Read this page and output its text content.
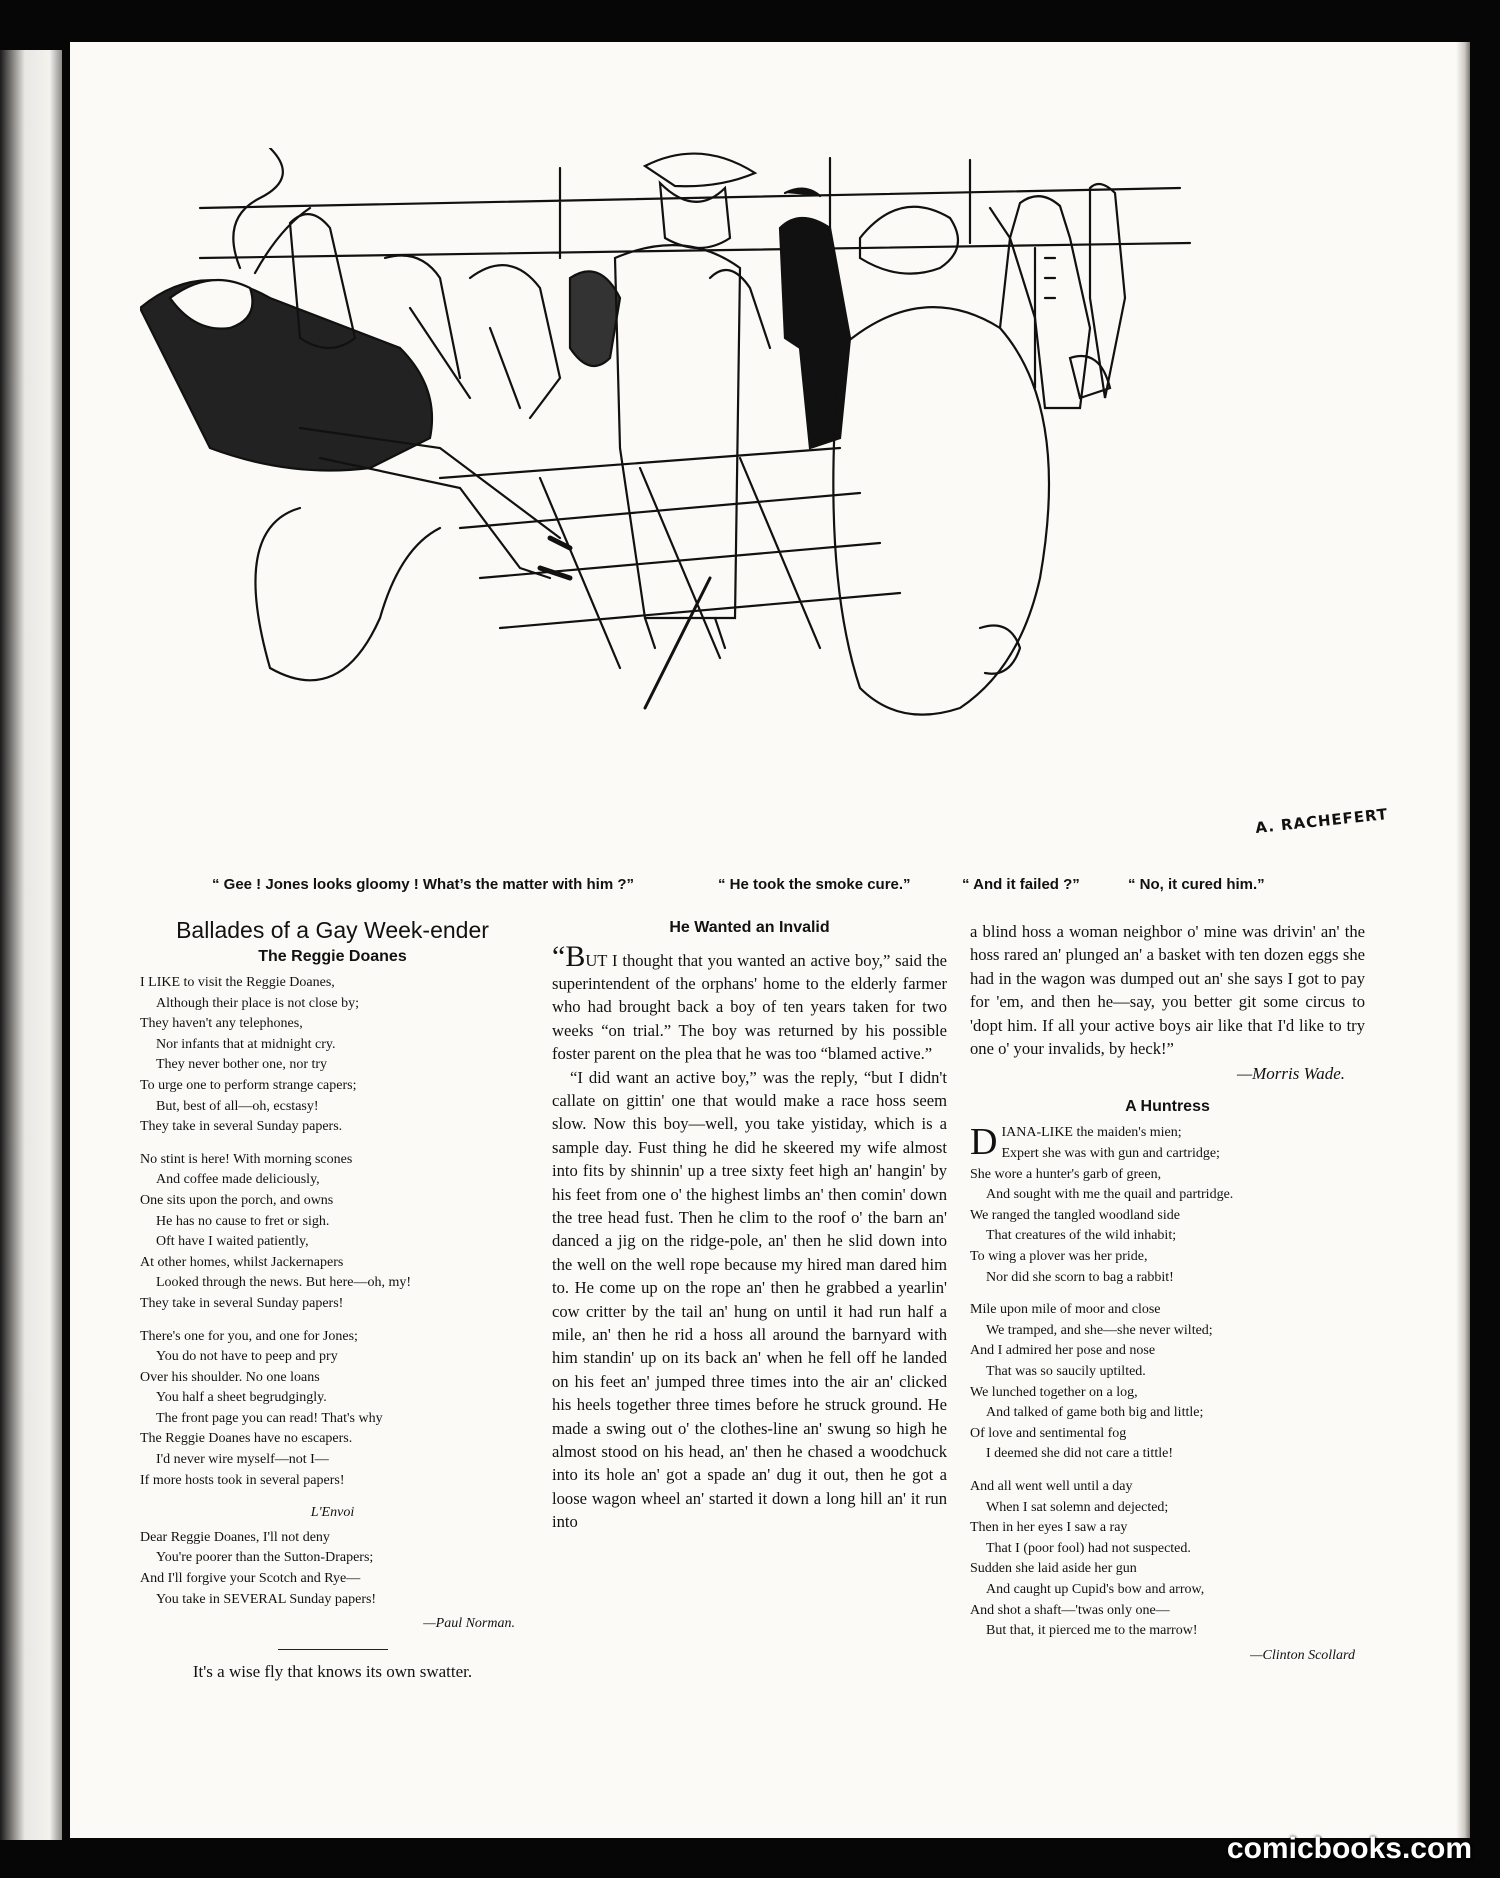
A. RACHEFERT
“ Gee ! Jones looks gloomy ! What’s the matter with him ?”	“ He took the smoke cure.”	“ And it failed ?”	“ No, it cured him.”
Ballades of a Gay Week-ender
The Reggie Doanes
I LIKE to visit the Reggie Doanes,
Although their place is not close by;
They haven't any telephones,
Nor infants that at midnight cry.
They never bother one, nor try
To urge one to perform strange capers;
But, best of all—oh, ecstasy!
They take in several Sunday papers.
No stint is here! With morning scones
And coffee made deliciously,
One sits upon the porch, and owns
He has no cause to fret or sigh.
Oft have I waited patiently,
At other homes, whilst Jackernapers
Looked through the news. But here—oh, my!
They take in several Sunday papers!
There's one for you, and one for Jones;
You do not have to peep and pry
Over his shoulder. No one loans
You half a sheet begrudgingly.
The front page you can read! That's why
The Reggie Doanes have no escapers.
I'd never wire myself—not I—
If more hosts took in several papers!
L'Envoi
Dear Reggie Doanes, I'll not deny
You're poorer than the Sutton-Drapers;
And I'll forgive your Scotch and Rye—
You take in SEVERAL Sunday papers!
—Paul Norman.
It's a wise fly that knows its own swatter.
He Wanted an Invalid

“BUT I thought that you wanted an active boy,” said the superintendent of the orphans' home to the elderly farmer who had brought back a boy of ten years taken for two weeks “on trial.” The boy was returned by his possible foster parent on the plea that he was too “blamed active.”

“I did want an active boy,” was the reply, “but I didn't callate on gittin' one that would make a race hoss seem slow. Now this boy—well, you take yistiday, which is a sample day. Fust thing he did he skeered my wife almost into fits by shinnin' up a tree sixty feet high an' hangin' by his feet from one o' the highest limbs an' then comin' down the tree head fust. Then he clim to the roof o' the barn an' danced a jig on the ridge-pole, an' then he slid down into the well on the well rope because my hired man dared him to. He come up on the rope an' then he grabbed a yearlin' cow critter by the tail an' hung on until it had run half a mile, an' then he rid a hoss all around the barnyard with him standin' up on its back an' when he fell off he landed on his feet an' jumped three times into the air an' clicked his heels together three times before he struck ground. He made a swing out o' the clothes-line an' swung so high he almost stood on his head, an' then he chased a woodchuck into its hole an' got a spade an' dug it out, then he got a loose wagon wheel an' started it down a long hill an' it run into

a blind hoss a woman neighbor o' mine was drivin' an' the hoss rared an' plunged an' a basket with ten dozen eggs she had in the wagon was dumped out an' she says I got to pay for 'em, and then he—say, you better git some circus to 'dopt him. If all your active boys air like that I'd like to try one o' your invalids, by heck!”

—Morris Wade.
A Huntress
D IANA-LIKE the maiden's mien;
Expert she was with gun and cartridge;
She wore a hunter's garb of green,
And sought with me the quail and partridge.
We ranged the tangled woodland side
That creatures of the wild inhabit;
To wing a plover was her pride,
Nor did she scorn to bag a rabbit!
Mile upon mile of moor and close
We tramped, and she—she never wilted;
And I admired her pose and nose
That was so saucily uptilted.
We lunched together on a log,
And talked of game both big and little;
Of love and sentimental fog
I deemed she did not care a tittle!
And all went well until a day
When I sat solemn and dejected;
Then in her eyes I saw a ray
That I (poor fool) had not suspected.
Sudden she laid aside her gun
And caught up Cupid's bow and arrow,
And shot a shaft—'twas only one—
But that, it pierced me to the marrow!
—Clinton Scollard
comicbooks.com
